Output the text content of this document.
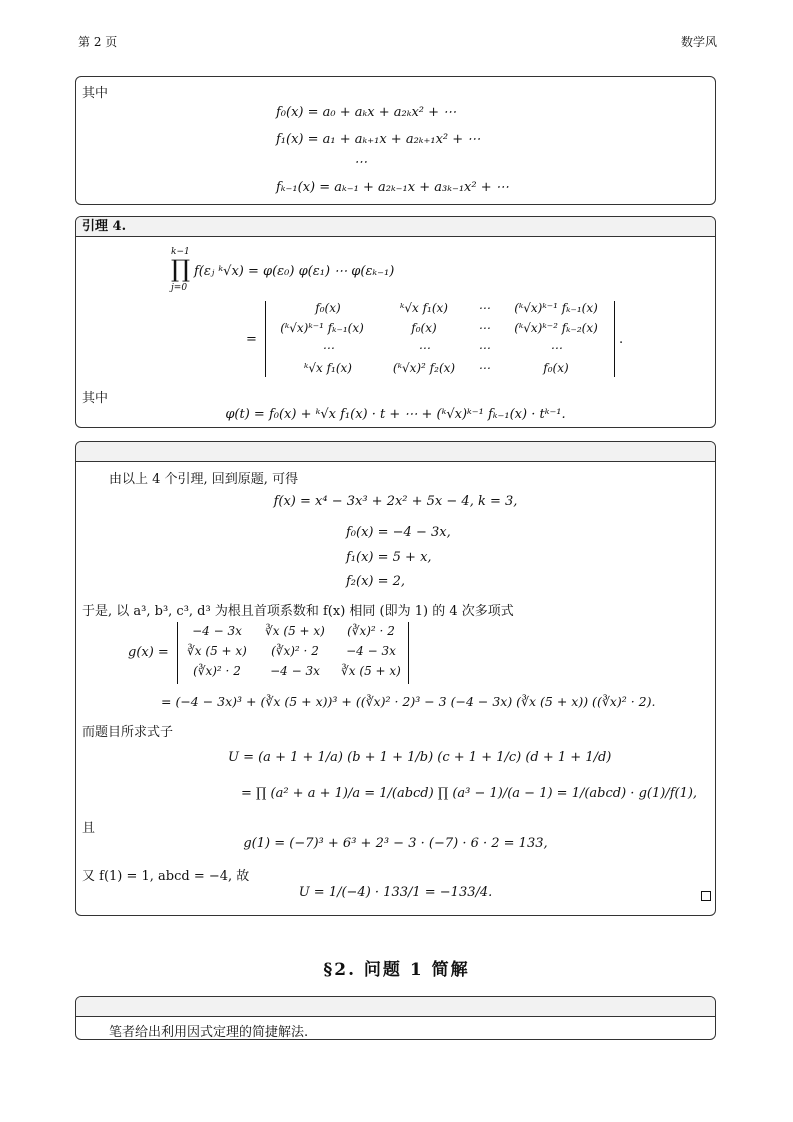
第 2 页	数学风
其中
f₀(x) = a₀ + aₖx + a₂ₖx² + ⋯
f₁(x) = a₁ + aₖ₊₁x + a₂ₖ₊₁x² + ⋯
⋯
fₖ₋₁(x) = aₖ₋₁ + a₂ₖ₋₁x + a₃ₖ₋₁x² + ⋯
引理 4.
k−1
∏
j=0
f(εⱼ ᵏ√x) = φ(ε₀) φ(ε₁) ⋯ φ(εₖ₋₁)
=
f₀(x)	ᵏ√x f₁(x)	⋯	(ᵏ√x)ᵏ⁻¹ fₖ₋₁(x)
(ᵏ√x)ᵏ⁻¹ fₖ₋₁(x)	f₀(x)	⋯	(ᵏ√x)ᵏ⁻² fₖ₋₂(x)
⋯	⋯	⋯	⋯
ᵏ√x f₁(x)	(ᵏ√x)² f₂(x)	⋯	f₀(x)
.
其中
φ(t) = f₀(x) + ᵏ√x f₁(x) · t + ⋯ + (ᵏ√x)ᵏ⁻¹ fₖ₋₁(x) · tᵏ⁻¹.
由以上 4 个引理, 回到原题, 可得
f(x) = x⁴ − 3x³ + 2x² + 5x − 4, k = 3,
f₀(x) = −4 − 3x,
f₁(x) = 5 + x,
f₂(x) = 2,
于是, 以 a³, b³, c³, d³ 为根且首项系数和 f(x) 相同 (即为 1) 的 4 次多项式
g(x) =
−4 − 3x	∛x (5 + x)	(∛x)² · 2
∛x (5 + x)	(∛x)² · 2	−4 − 3x
(∛x)² · 2	−4 − 3x	∛x (5 + x)
= (−4 − 3x)³ + (∛x (5 + x))³ + ((∛x)² · 2)³ − 3 (−4 − 3x) (∛x (5 + x)) ((∛x)² · 2).
而题目所求式子
U = (a + 1 + 1/a) (b + 1 + 1/b) (c + 1 + 1/c) (d + 1 + 1/d)
= ∏ (a² + a + 1)/a = 1/(abcd) ∏ (a³ − 1)/(a − 1) = 1/(abcd) · g(1)/f(1),
且
g(1) = (−7)³ + 6³ + 2³ − 3 · (−7) · 6 · 2 = 133,
又 f(1) = 1, abcd = −4, 故
U = 1/(−4) · 133/1 = −133/4.
§2. 问题 1 简解
笔者给出利用因式定理的简捷解法.
